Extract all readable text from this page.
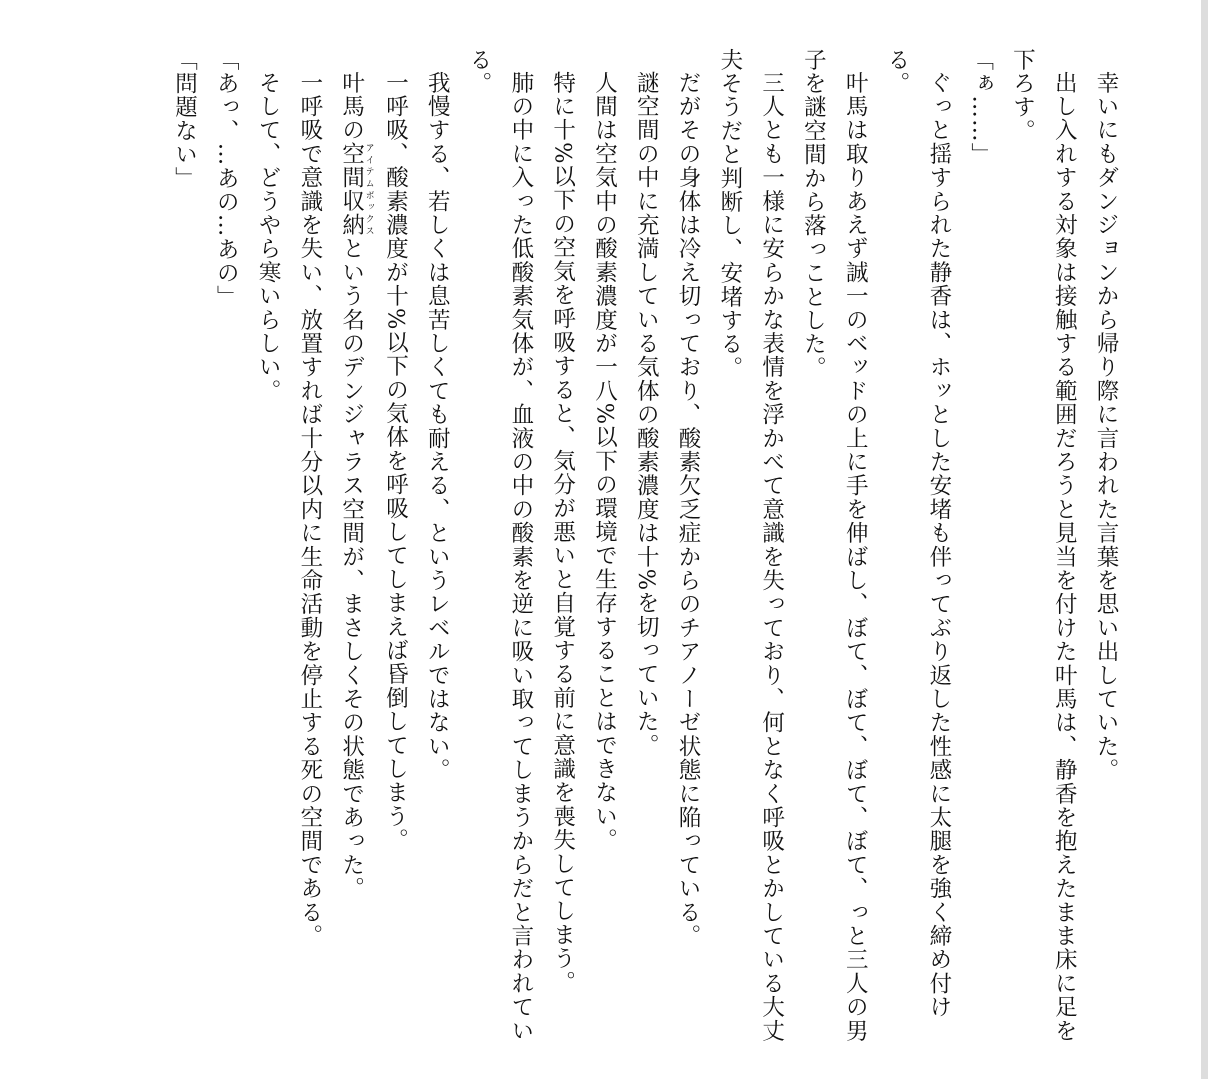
幸いにもダンジョンから帰り際に言われた言葉を思い出していた。

出し入れする対象は接触する範囲だろうと見当を付けた叶馬は、静香を抱えたまま床に足を下ろす。

「ぁ……」

ぐっと揺すられた静香は、ホッとした安堵も伴ってぶり返した性感に太腿を強く締め付ける。

叶馬は取りあえず誠一のベッドの上に手を伸ばし、ぼて、ぼて、ぼて、ぼて、っと三人の男子を謎空間から落っことした。

三人とも一様に安らかな表情を浮かべて意識を失っており、何となく呼吸とかしている大丈夫そうだと判断し、安堵する。

だがその身体は冷え切っており、酸素欠乏症からのチアノーゼ状態に陥っている。

謎空間の中に充満している気体の酸素濃度は十%を切っていた。

人間は空気中の酸素濃度が一八%以下の環境で生存することはできない。

特に十%以下の空気を呼吸すると、気分が悪いと自覚する前に意識を喪失してしまう。

肺の中に入った低酸素気体が、血液の中の酸素を逆に吸い取ってしまうからだと言われている。

我慢する、若しくは息苦しくても耐える、というレベルではない。

一呼吸、酸素濃度が十%以下の気体を呼吸してしまえば昏倒してしまう。

叶馬の空間収納 アイテムボックスという名のデンジャラス空間が、まさしくその状態であった。

一呼吸で意識を失い、放置すれば十分以内に生命活動を停止する死の空間である。

そして、どうやら寒いらしい。

「あっ、…あの…あの」

「問題ない」
